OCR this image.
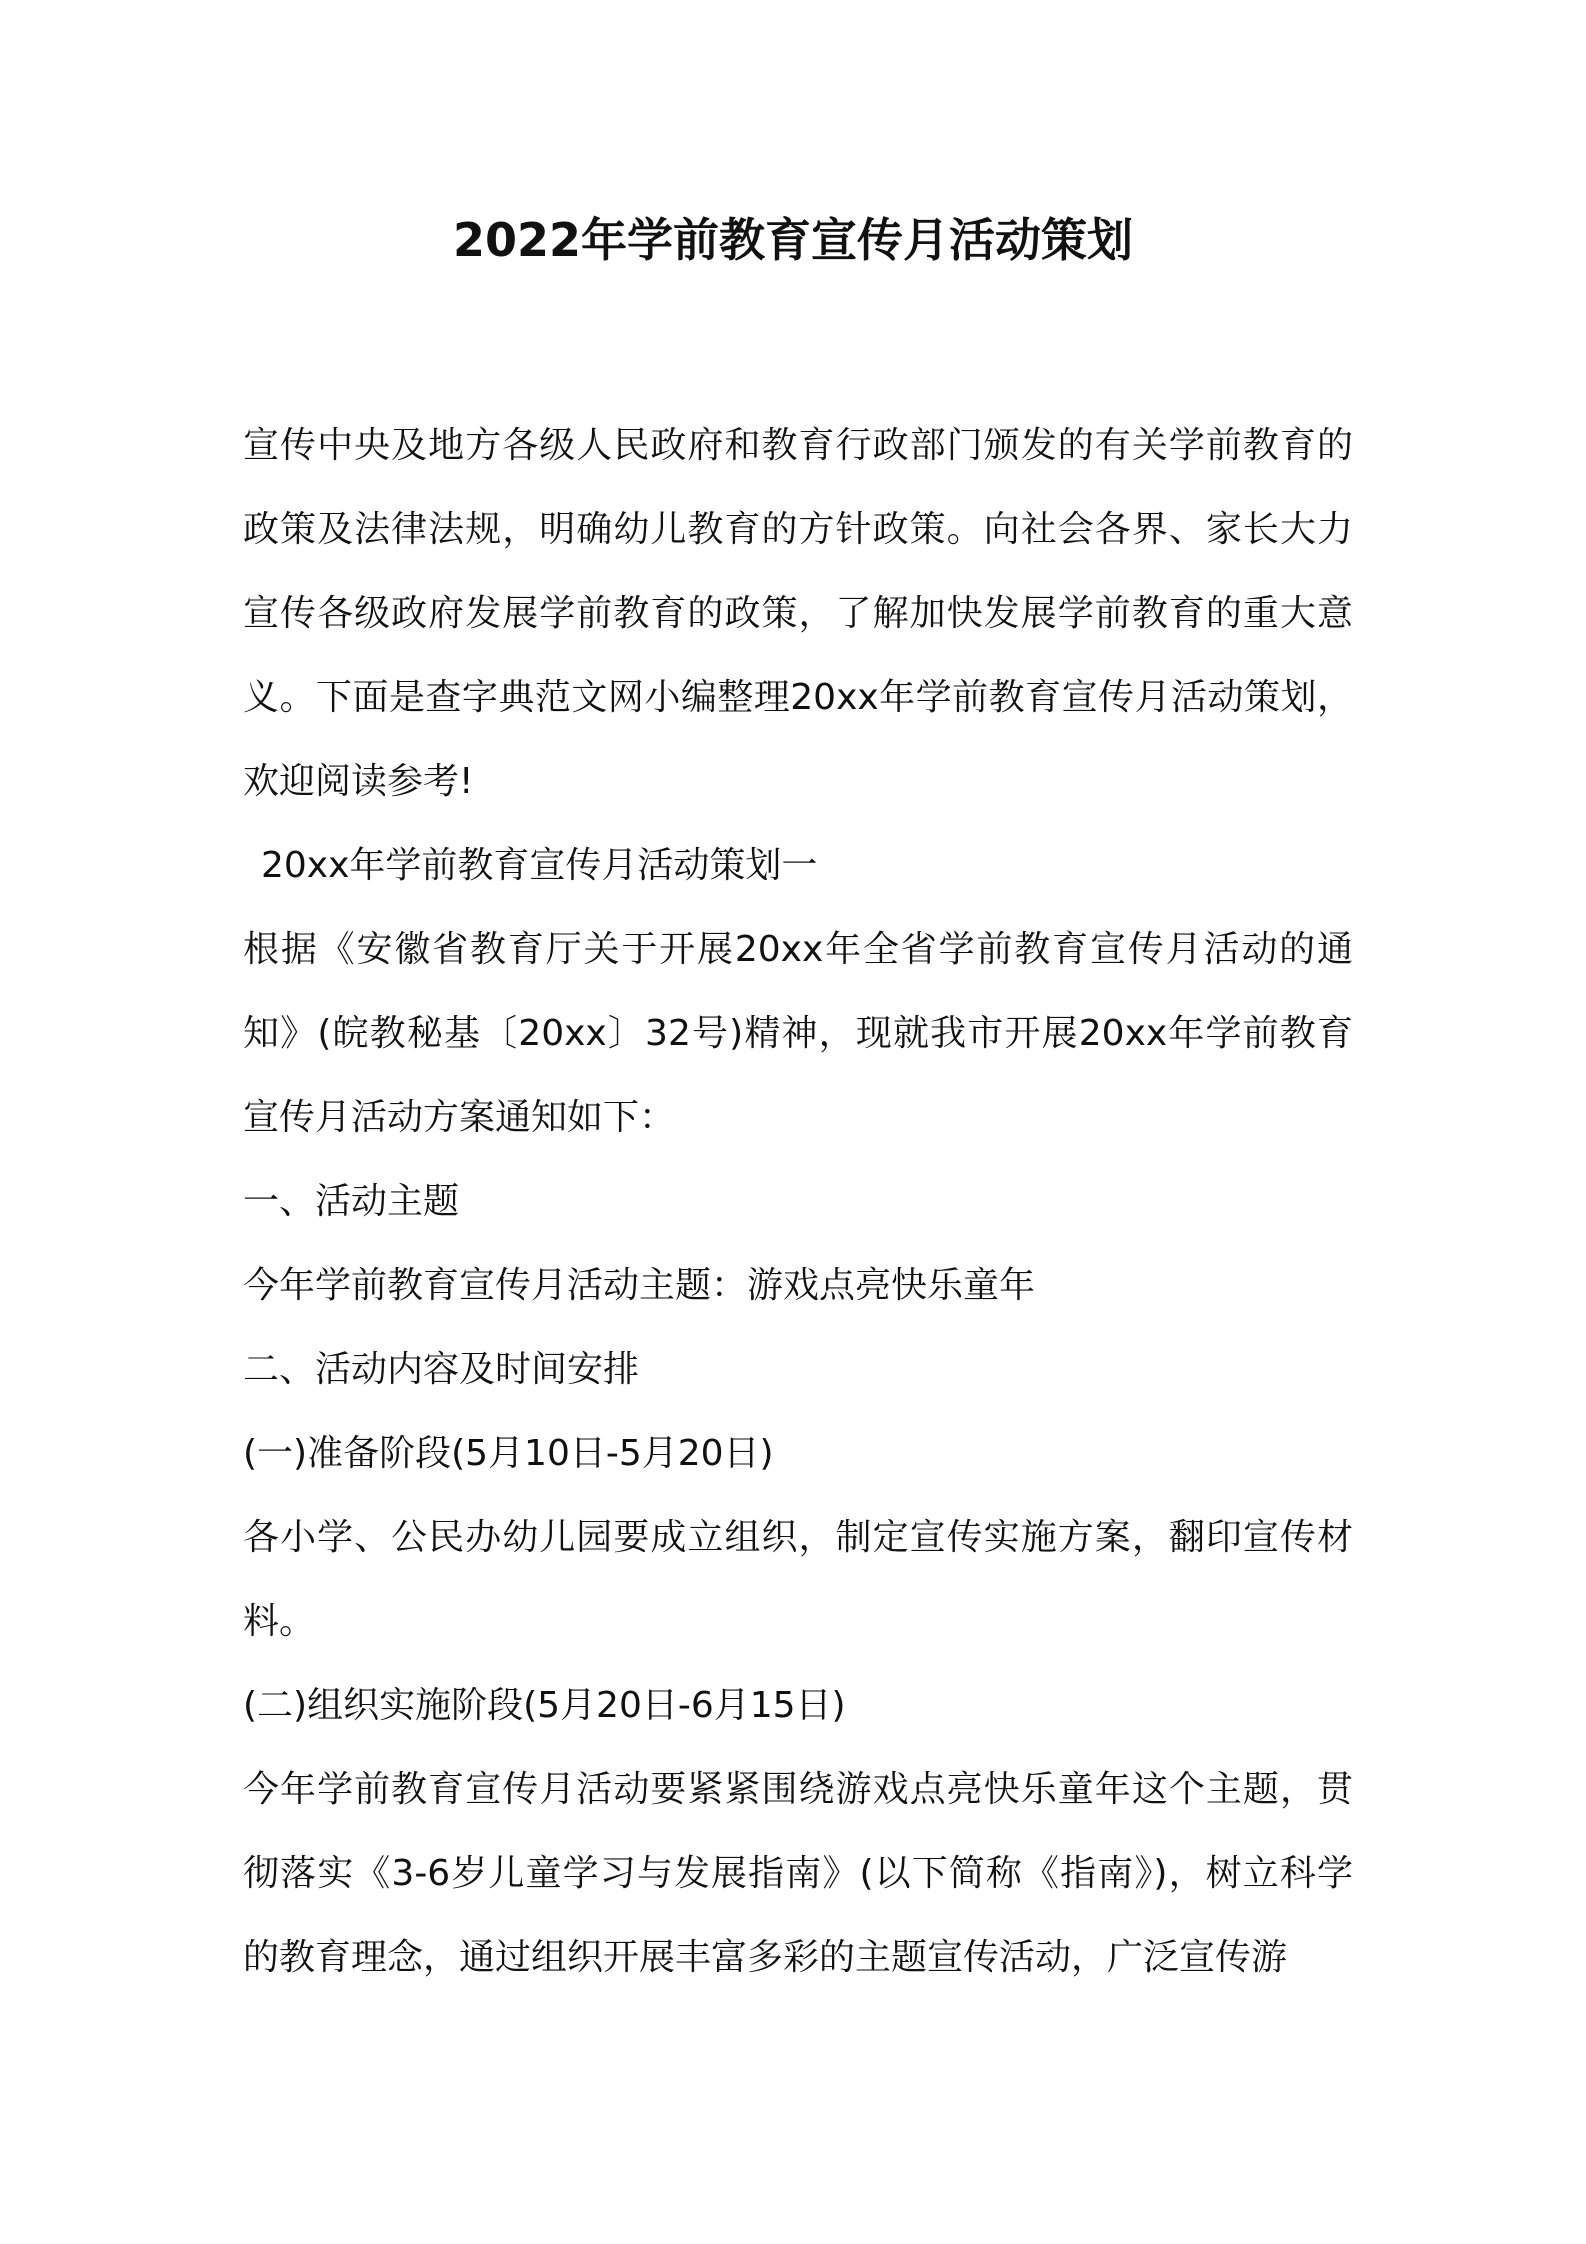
2022年学前教育宣传月活动策划

宣传中央及地方各级人民政府和教育行政部门颁发的有关学前教育的政策及法律法规，明确幼儿教育的方针政策。向社会各界、家长大力宣传各级政府发展学前教育的政策，了解加快发展学前教育的重大意义。下面是查字典范文网小编整理20xx年学前教育宣传月活动策划，欢迎阅读参考!

20xx年学前教育宣传月活动策划一

根据《安徽省教育厅关于开展20xx年全省学前教育宣传月活动的通知》(皖教秘基〔20xx〕32号)精神，现就我市开展20xx年学前教育宣传月活动方案通知如下：

一、活动主题

今年学前教育宣传月活动主题：游戏点亮快乐童年

二、活动内容及时间安排

(一)准备阶段(5月10日-5月20日)

各小学、公民办幼儿园要成立组织，制定宣传实施方案，翻印宣传材料。

(二)组织实施阶段(5月20日-6月15日)

今年学前教育宣传月活动要紧紧围绕游戏点亮快乐童年这个主题，贯彻落实《3-6岁儿童学习与发展指南》(以下简称《指南》)，树立科学的教育理念，通过组织开展丰富多彩的主题宣传活动，广泛宣传游
